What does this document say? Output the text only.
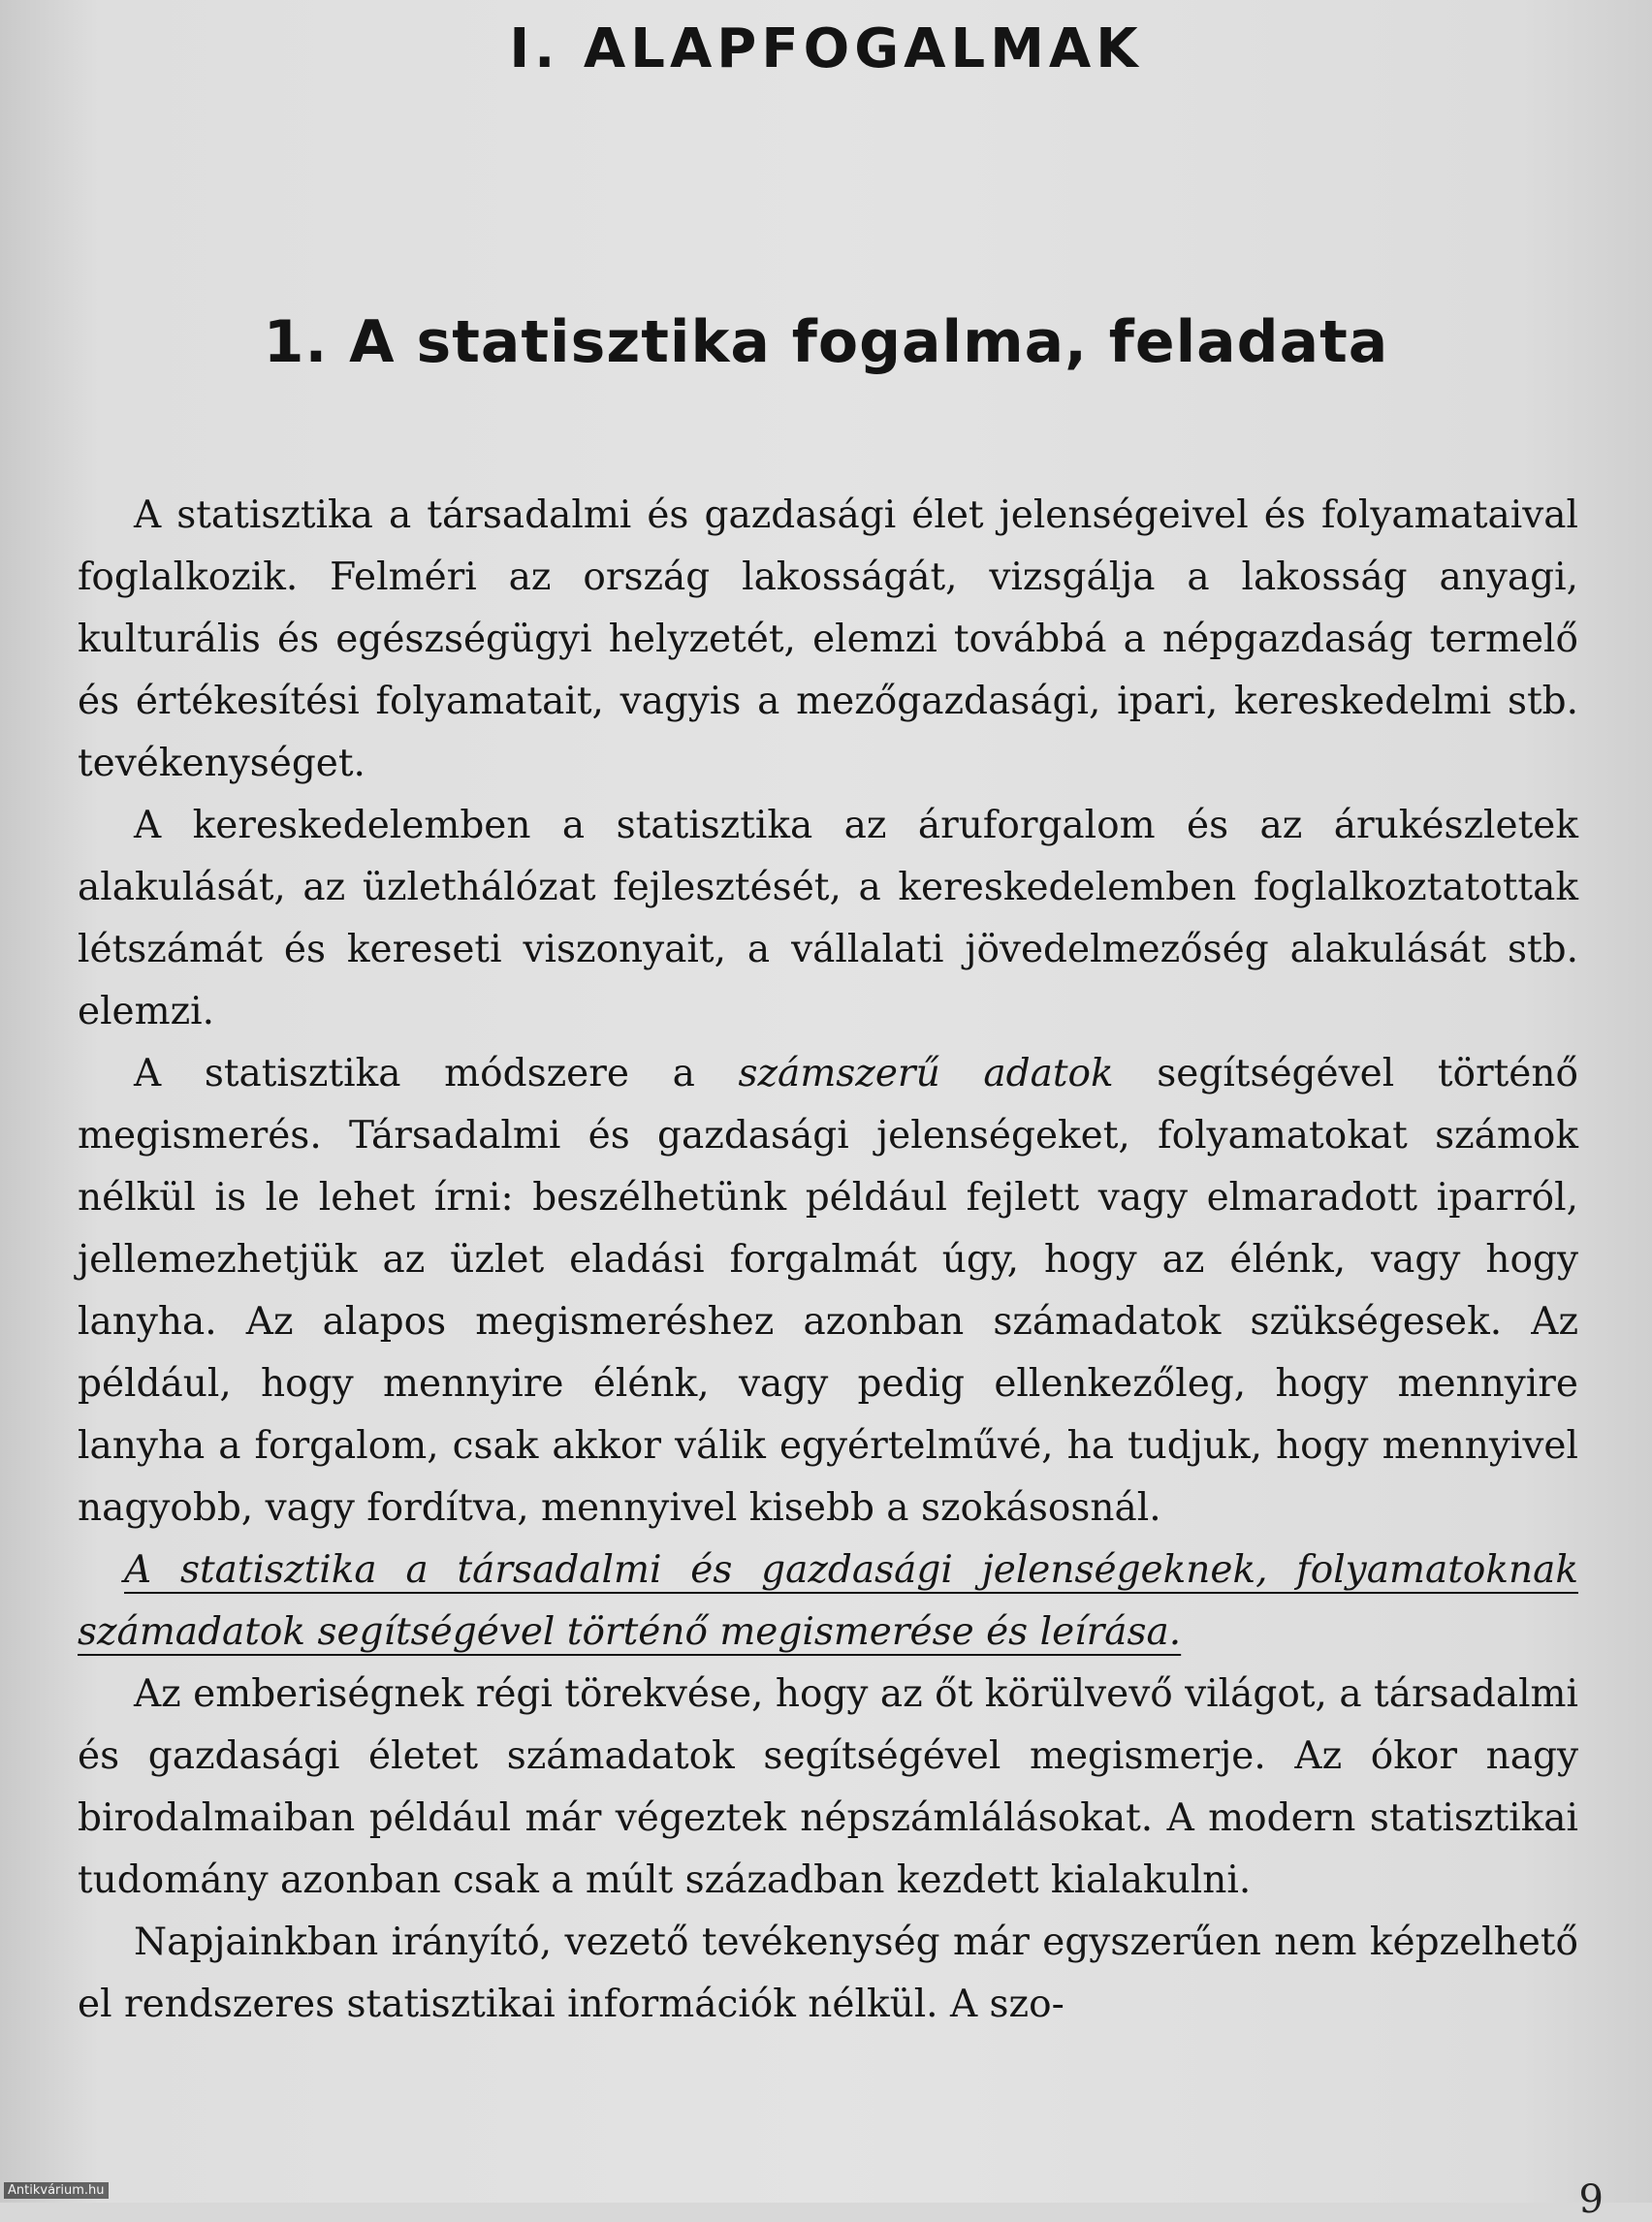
I. ALAPFOGALMAK
1. A statisztika fogalma, feladata

A statisztika a társadalmi és gazdasági élet jelenségeivel és folyamataival foglalkozik. Felméri az ország lakosságát, vizsgálja a lakosság anyagi, kulturális és egészségügyi helyzetét, elemzi továbbá a népgazdaság termelő és értékesítési folyamatait, vagyis a mezőgazdasági, ipari, kereskedelmi stb. tevékenységet.

A kereskedelemben a statisztika az áruforgalom és az árukészletek alakulását, az üzlethálózat fejlesztését, a kereskedelemben foglalkoztatottak létszámát és kereseti viszonyait, a vállalati jövedelmezőség alakulását stb. elemzi.

A statisztika módszere a számszerű adatok segítségével történő megismerés. Társadalmi és gazdasági jelenségeket, folyamatokat számok nélkül is le lehet írni: beszélhetünk például fejlett vagy elmaradott iparról, jellemezhetjük az üzlet eladási forgalmát úgy, hogy az élénk, vagy hogy lanyha. Az alapos megismeréshez azonban számadatok szükségesek. Az például, hogy mennyire élénk, vagy pedig ellenkezőleg, hogy mennyire lanyha a forgalom, csak akkor válik egyértelművé, ha tudjuk, hogy mennyivel nagyobb, vagy fordítva, mennyivel kisebb a szokásosnál.

A statisztika a társadalmi és gazdasági jelenségeknek, folyamatoknak számadatok segítségével történő megismerése és leírása.

Az emberiségnek régi törekvése, hogy az őt körülvevő világot, a társadalmi és gazdasági életet számadatok segítségével megismerje. Az ókor nagy birodalmaiban például már végeztek népszámlálásokat. A modern statisztikai tudomány azonban csak a múlt században kezdett kialakulni.

Napjainkban irányító, vezető tevékenység már egyszerűen nem képzelhető el rendszeres statisztikai információk nélkül. A szo-

9
Antikvárium.hu
